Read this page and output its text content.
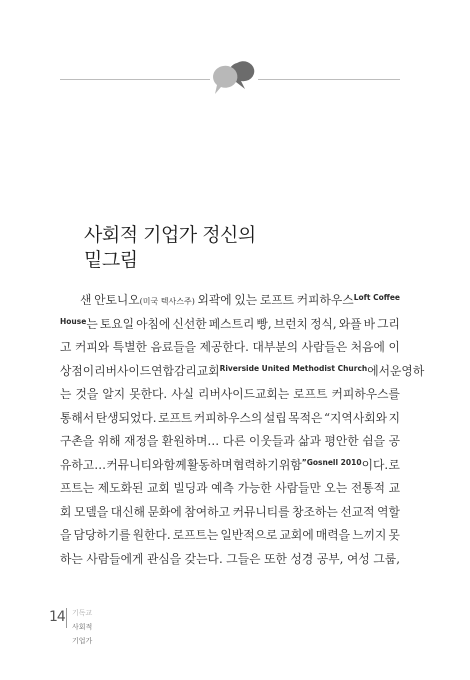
사회적 기업가 정신의
밑그림
샌 안토니오(미국 텍사스주) 외곽에 있는 로프트 커피하우스$^{Loft Coffee}$
$^{House}$는 토요일 아침에 신선한 페스트리 빵, 브런치 정식, 와플 바 그리
고 커피와 특별한 음료들을 제공한다. 대부분의 사람들은 처음에 이
상점이 리버사이드연합감리교회$^{Riverside United Methodist Church}$에서 운영하
는 것을 알지 못한다. 사실 리버사이드교회는 로프트 커피하우스를
통해서 탄생되었다. 로프트 커피하우스의 설립 목적은 “지역사회와 지
구촌을 위해 재정을 환원하며… 다른 이웃들과 삶과 평안한 쉼을 공
유하고… 커뮤니티와 함께 활동하며 협력하기 위함$^{”Gosnell 2010}$이다. 로
프트는 제도화된 교회 빌딩과 예측 가능한 사람들만 오는 전통적 교
회 모델을 대신해 문화에 참여하고 커뮤니티를 창조하는 선교적 역할
을 담당하기를 원한다. 로프트는 일반적으로 교회에 매력을 느끼지 못
하는 사람들에게 관심을 갖는다. 그들은 또한 성경 공부, 여성 그룹,
14 기독교
사회적
기업가
